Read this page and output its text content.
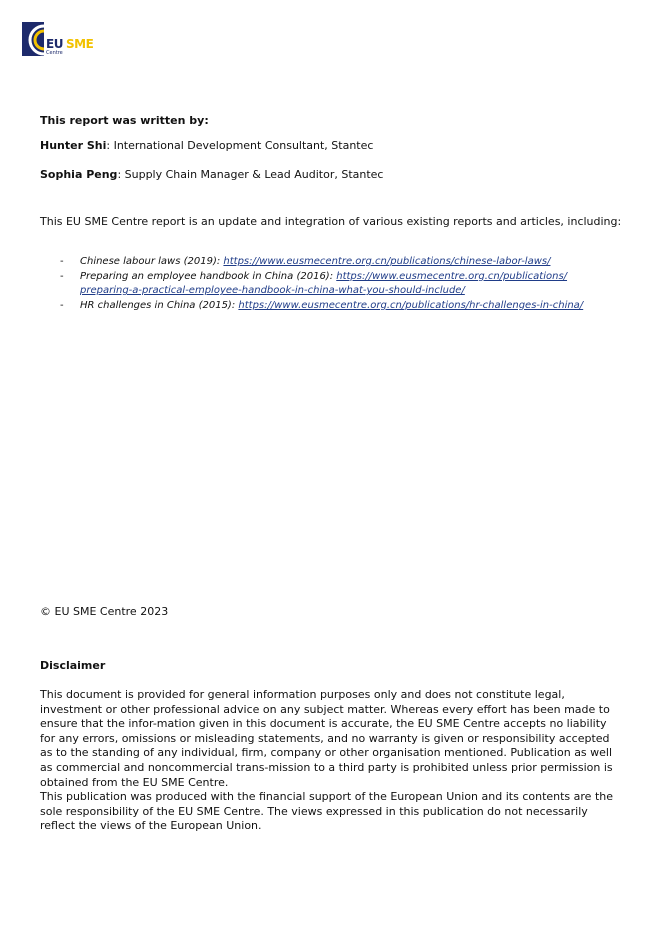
EU SME
Centre
This report was written by:
Hunter Shi: International Development Consultant, Stantec
Sophia Peng: Supply Chain Manager & Lead Auditor, Stantec
This EU SME Centre report is an update and integration of various existing reports and articles, including:
- Chinese labour laws (2019): https://www.eusmecentre.org.cn/publications/chinese-labor-laws/
- Preparing an employee handbook in China (2016): https://www.eusmecentre.org.cn/publications/
preparing-a-practical-employee-handbook-in-china-what-you-should-include/
- HR challenges in China (2015): https://www.eusmecentre.org.cn/publications/hr-challenges-in-china/
© EU SME Centre 2023
Disclaimer
This document is provided for general information purposes only and does not constitute legal, investment or other professional advice on any subject matter. Whereas every effort has been made to ensure that the infor-mation given in this document is accurate, the EU SME Centre accepts no liability for any errors, omissions or misleading statements, and no warranty is given or responsibility accepted as to the standing of any individual, firm, company or other organisation mentioned. Publication as well as commercial and noncommercial trans-mission to a third party is prohibited unless prior permission is obtained from the EU SME Centre.
This publication was produced with the financial support of the European Union and its contents are the sole responsibility of the EU SME Centre. The views expressed in this publication do not necessarily reflect the views of the European Union.
